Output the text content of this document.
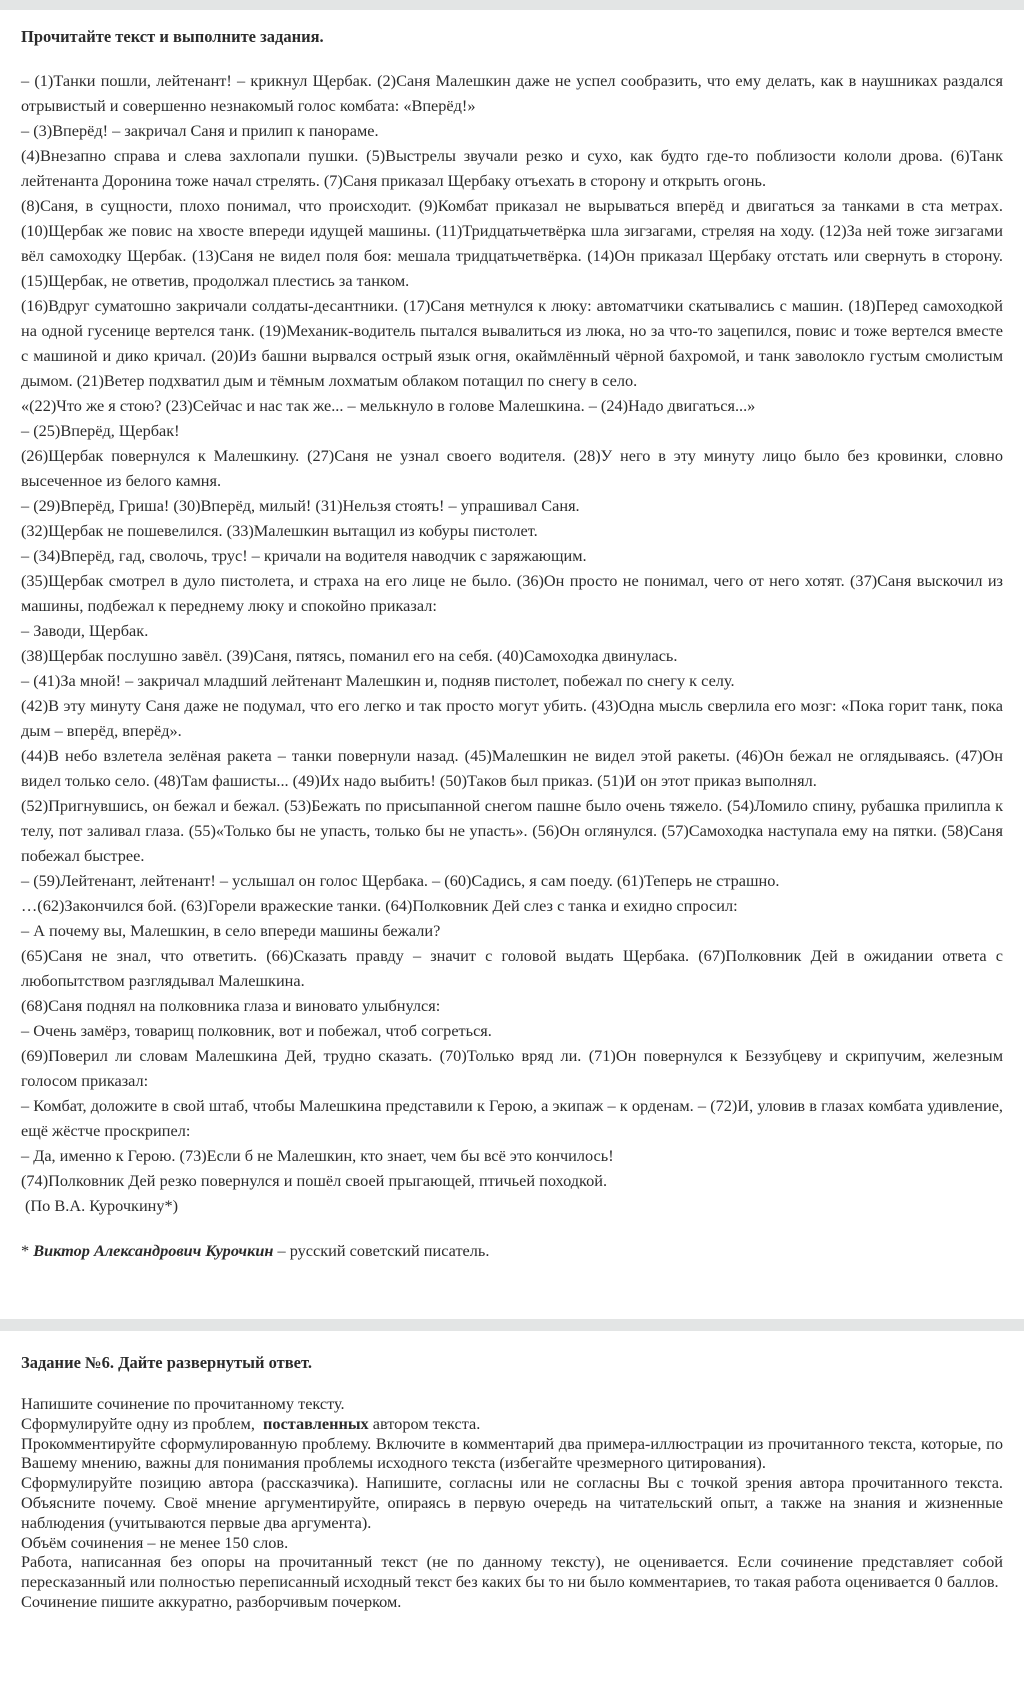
Прочитайте текст и выполните задания.

– (1)Танки пошли, лейтенант! – крикнул Щербак. (2)Саня Малешкин даже не успел сообразить, что ему делать, как в наушниках раздался отрывистый и совершенно незнакомый голос комбата: «Вперёд!»

– (3)Вперёд! – закричал Саня и прилип к панораме.

(4)Внезапно справа и слева захлопали пушки. (5)Выстрелы звучали резко и сухо, как будто где-то поблизости кололи дрова. (6)Танк лейтенанта Доронина тоже начал стрелять. (7)Саня приказал Щербаку отъехать в сторону и открыть огонь.

(8)Саня, в сущности, плохо понимал, что происходит. (9)Комбат приказал не вырываться вперёд и двигаться за танками в ста метрах. (10)Щербак же повис на хвосте впереди идущей машины. (11)Тридцатьчетвёрка шла зигзагами, стреляя на ходу. (12)За ней тоже зигзагами вёл самоходку Щербак. (13)Саня не видел поля боя: мешала тридцатьчетвёрка. (14)Он приказал Щербаку отстать или свернуть в сторону. (15)Щербак, не ответив, продолжал плестись за танком.

(16)Вдруг суматошно закричали солдаты-десантники. (17)Саня метнулся к люку: автоматчики скатывались с машин. (18)Перед самоходкой на одной гусенице вертелся танк. (19)Механик-водитель пытался вывалиться из люка, но за что-то зацепился, повис и тоже вертелся вместе с машиной и дико кричал. (20)Из башни вырвался острый язык огня, окаймлённый чёрной бахромой, и танк заволокло густым смолистым дымом. (21)Ветер подхватил дым и тёмным лохматым облаком потащил по снегу в село.

«(22)Что же я стою? (23)Сейчас и нас так же... – мелькнуло в голове Малешкина. – (24)Надо двигаться...»

– (25)Вперёд, Щербак!

(26)Щербак повернулся к Малешкину. (27)Саня не узнал своего водителя. (28)У него в эту минуту лицо было без кровинки, словно высеченное из белого камня.

– (29)Вперёд, Гриша! (30)Вперёд, милый! (31)Нельзя стоять! – упрашивал Саня.

(32)Щербак не пошевелился. (33)Малешкин вытащил из кобуры пистолет.

– (34)Вперёд, гад, сволочь, трус! – кричали на водителя наводчик с заряжающим.

(35)Щербак смотрел в дуло пистолета, и страха на его лице не было. (36)Он просто не понимал, чего от него хотят. (37)Саня выскочил из машины, подбежал к переднему люку и спокойно приказал:

– Заводи, Щербак.

(38)Щербак послушно завёл. (39)Саня, пятясь, поманил его на себя. (40)Самоходка двинулась.

– (41)За мной! – закричал младший лейтенант Малешкин и, подняв пистолет, побежал по снегу к селу.

(42)В эту минуту Саня даже не подумал, что его легко и так просто могут убить. (43)Одна мысль сверлила его мозг: «Пока горит танк, пока дым – вперёд, вперёд».

(44)В небо взлетела зелёная ракета – танки повернули назад. (45)Малешкин не видел этой ракеты. (46)Он бежал не оглядываясь. (47)Он видел только село. (48)Там фашисты... (49)Их надо выбить! (50)Таков был приказ. (51)И он этот приказ выполнял.

(52)Пригнувшись, он бежал и бежал. (53)Бежать по присыпанной снегом пашне было очень тяжело. (54)Ломило спину, рубашка прилипла к телу, пот заливал глаза. (55)«Только бы не упасть, только бы не упасть». (56)Он оглянулся. (57)Самоходка наступала ему на пятки. (58)Саня побежал быстрее.

– (59)Лейтенант, лейтенант! – услышал он голос Щербака. – (60)Садись, я сам поеду. (61)Теперь не страшно.

…(62)Закончился бой. (63)Горели вражеские танки. (64)Полковник Дей слез с танка и ехидно спросил:

– А почему вы, Малешкин, в село впереди машины бежали?

(65)Саня не знал, что ответить. (66)Сказать правду – значит с головой выдать Щербака. (67)Полковник Дей в ожидании ответа с любопытством разглядывал Малешкина.

(68)Саня поднял на полковника глаза и виновато улыбнулся:

– Очень замёрз, товарищ полковник, вот и побежал, чтоб согреться.

(69)Поверил ли словам Малешкина Дей, трудно сказать. (70)Только вряд ли. (71)Он повернулся к Беззубцеву и скрипучим, железным голосом приказал:

– Комбат, доложите в свой штаб, чтобы Малешкина представили к Герою, а экипаж – к орденам. – (72)И, уловив в глазах комбата удивление, ещё жёстче проскрипел:

– Да, именно к Герою. (73)Если б не Малешкин, кто знает, чем бы всё это кончилось!

(74)Полковник Дей резко повернулся и пошёл своей прыгающей, птичьей походкой.

(По В.А. Курочкину*)

* Виктор Александрович Курочкин – русский советский писатель.

Задание №6. Дайте развернутый ответ.

Напишите сочинение по прочитанному тексту.

Сформулируйте одну из проблем, поставленных автором текста.

Прокомментируйте сформулированную проблему. Включите в комментарий два примера-иллюстрации из прочитанного текста, которые, по Вашему мнению, важны для понимания проблемы исходного текста (избегайте чрезмерного цитирования).

Сформулируйте позицию автора (рассказчика). Напишите, согласны или не согласны Вы с точкой зрения автора прочитанного текста. Объясните почему. Своё мнение аргументируйте, опираясь в первую очередь на читательский опыт, а также на знания и жизненные наблюдения (учитываются первые два аргумента).

Объём сочинения – не менее 150 слов.

Работа, написанная без опоры на прочитанный текст (не по данному тексту), не оценивается. Если сочинение представляет собой пересказанный или полностью переписанный исходный текст без каких бы то ни было комментариев, то такая работа оценивается 0 баллов.

Сочинение пишите аккуратно, разборчивым почерком.
